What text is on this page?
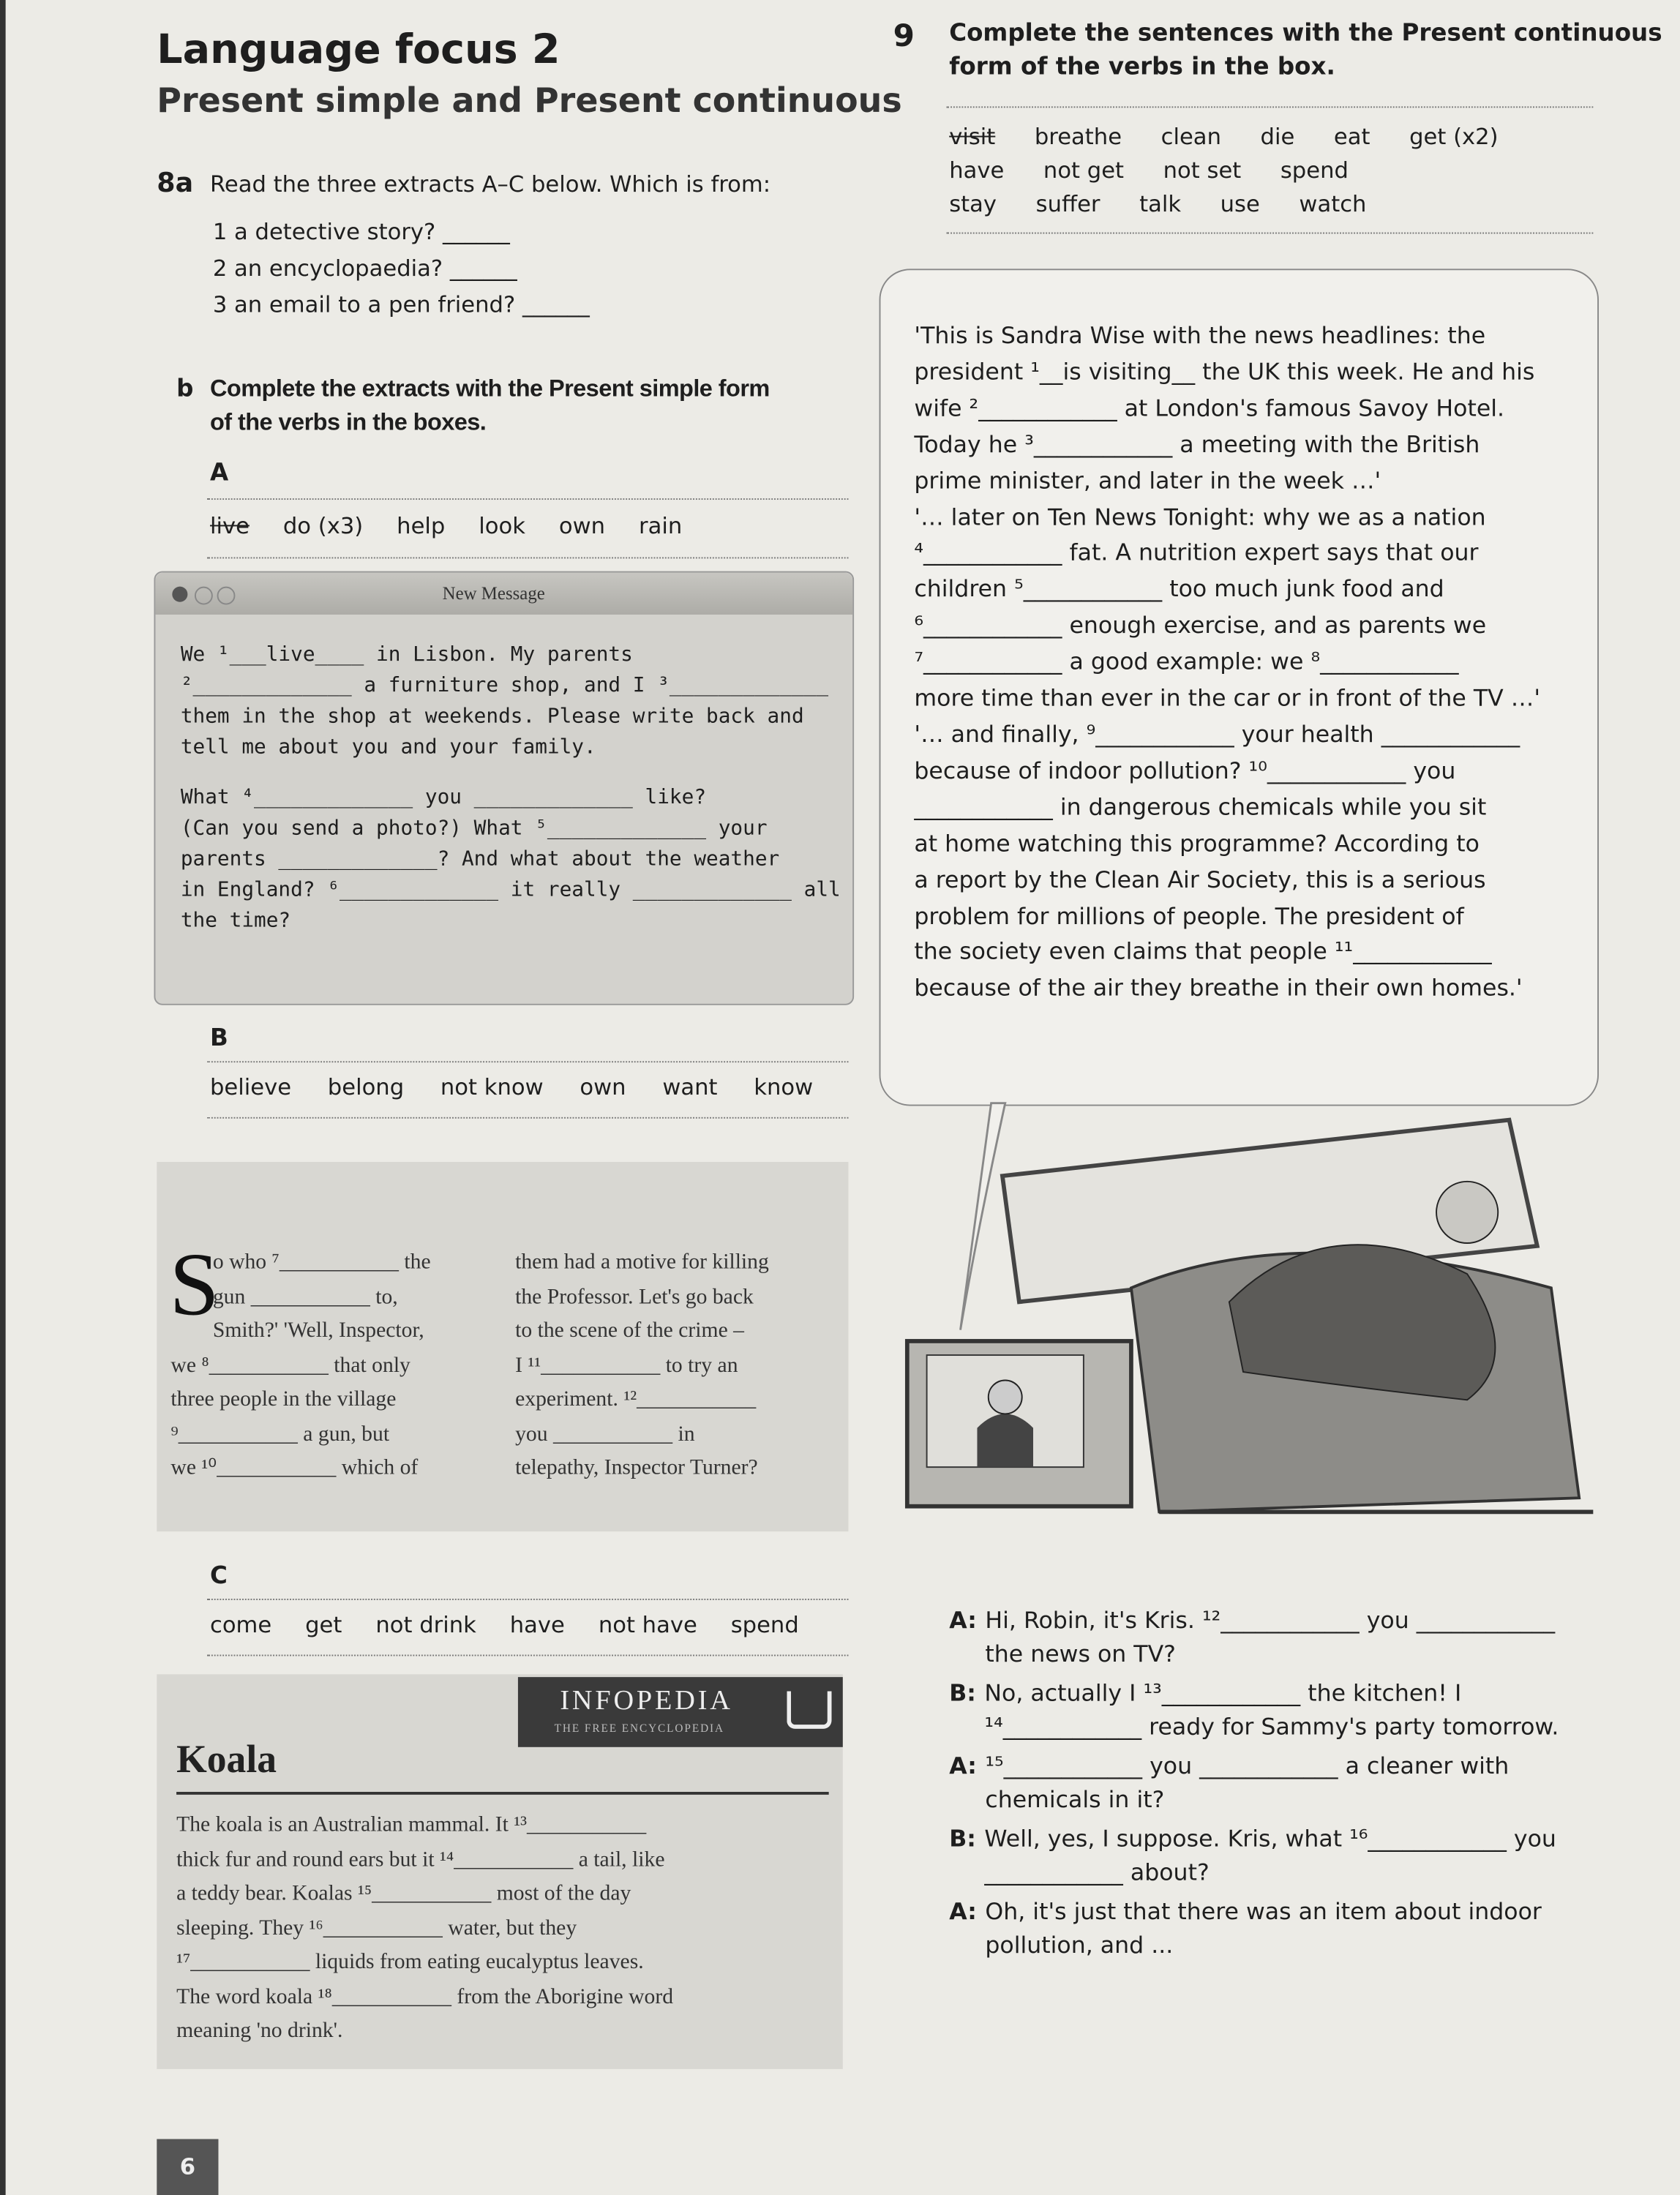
Language focus 2
Present simple and Present continuous
8a Read the three extracts A–C below. Which is from:
1 a detective story? ______
2 an encyclopaedia? ______
3 an email to a pen friend? ______
b Complete the extracts with the Present simple form
of the verbs in the boxes.
A
live	do (x3)	help	look	own	rain
New Message
We ¹___live____ in Lisbon. My parents
²_____________ a furniture shop, and I ³_____________
them in the shop at weekends. Please write back and
tell me about you and your family.
What ⁴_____________ you _____________ like?
(Can you send a photo?) What ⁵_____________ your
parents _____________? And what about the weather
in England? ⁶_____________ it really _____________ all
the time?
B
believe	belong	not know	own	want	know
S
o who ⁷___________ the
gun ___________ to,
Smith?' 'Well, Inspector,
we ⁸___________ that only
three people in the village
⁹___________ a gun, but
we ¹⁰___________ which of
them had a motive for killing
the Professor. Let's go back
to the scene of the crime –
I ¹¹___________ to try an
experiment. ¹²___________
you ___________ in
telepathy, Inspector Turner?
C
come	get	not drink	have	not have	spend
INFOPEDIA
THE FREE ENCYCLOPEDIA
Koala
The koala is an Australian mammal. It ¹³___________
thick fur and round ears but it ¹⁴___________ a tail, like
a teddy bear. Koalas ¹⁵___________ most of the day
sleeping. They ¹⁶___________ water, but they
¹⁷___________ liquids from eating eucalyptus leaves.
The word koala ¹⁸___________ from the Aborigine word
meaning 'no drink'.
6
9	Complete the sentences with the Present continuous
form of the verbs in the box.
visit	breathe	clean	die	eat	get (x2)
have	not get	not set	spend
stay	suffer	talk	use	watch
'This is Sandra Wise with the news headlines: the
president ¹__is visiting__ the UK this week. He and his
wife ²____________ at London's famous Savoy Hotel.
Today he ³____________ a meeting with the British
prime minister, and later in the week …'
'… later on Ten News Tonight: why we as a nation
⁴____________ fat. A nutrition expert says that our
children ⁵____________ too much junk food and
⁶____________ enough exercise, and as parents we
⁷____________ a good example: we ⁸____________
more time than ever in the car or in front of the TV …'
'… and finally, ⁹____________ your health ____________
because of indoor pollution? ¹⁰____________ you
____________ in dangerous chemicals while you sit
at home watching this programme? According to
a report by the Clean Air Society, this is a serious
problem for millions of people. The president of
the society even claims that people ¹¹____________
because of the air they breathe in their own homes.'
A: Hi, Robin, it's Kris. ¹²____________ you ____________
the news on TV?
B: No, actually I ¹³____________ the kitchen! I
¹⁴____________ ready for Sammy's party tomorrow.
A: ¹⁵____________ you ____________ a cleaner with
chemicals in it?
B: Well, yes, I suppose. Kris, what ¹⁶____________ you
____________ about?
A: Oh, it's just that there was an item about indoor
pollution, and ...
